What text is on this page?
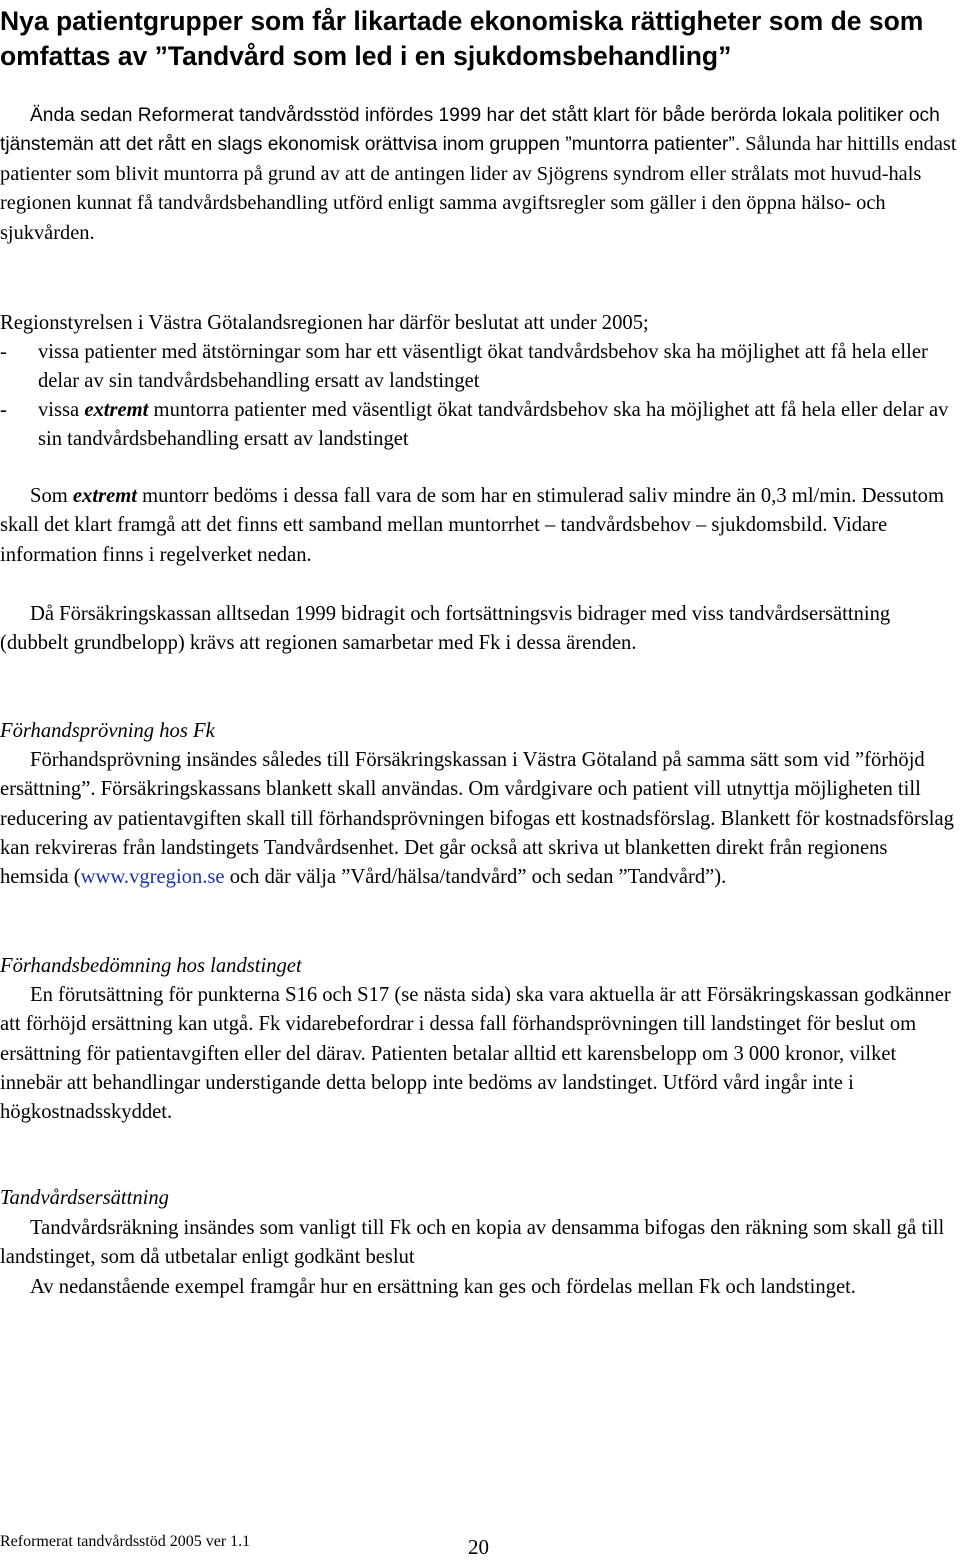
Nya patientgrupper som får likartade ekonomiska rättigheter som de som omfattas av ”Tandvård som led i en sjukdomsbehandling”

Ända sedan Reformerat tandvårdsstöd infördes 1999 har det stått klart för både berörda lokala politiker och tjänstemän att det rått en slags ekonomisk orättvisa inom gruppen ”muntorra patienter”. Sålunda har hittills endast patienter som blivit muntorra på grund av att de antingen lider av Sjögrens syndrom eller strålats mot huvud-hals regionen kunnat få tandvårdsbehandling utförd enligt samma avgiftsregler som gäller i den öppna hälso- och sjukvården.

Regionstyrelsen i Västra Götalandsregionen har därför beslutat att under 2005;

-	vissa patienter med ätstörningar som har ett väsentligt ökat tandvårdsbehov ska ha möjlighet att få hela eller delar av sin tandvårdsbehandling ersatt av landstinget
-	vissa extremt muntorra patienter med väsentligt ökat tandvårdsbehov ska ha möjlighet att få hela eller delar av sin tandvårdsbehandling ersatt av landstinget

Som extremt muntorr bedöms i dessa fall vara de som har en stimulerad saliv mindre än 0,3 ml/min. Dessutom skall det klart framgå att det finns ett samband mellan muntorrhet – tandvårdsbehov – sjukdomsbild. Vidare information finns i regelverket nedan.

Då Försäkringskassan alltsedan 1999 bidragit och fortsättningsvis bidrager med viss tandvårdsersättning (dubbelt grundbelopp) krävs att regionen samarbetar med Fk i dessa ärenden.

Förhandsprövning hos Fk

Förhandsprövning insändes således till Försäkringskassan i Västra Götaland på samma sätt som vid ”förhöjd ersättning”. Försäkringskassans blankett skall användas. Om vårdgivare och patient vill utnyttja möjligheten till reducering av patientavgiften skall till förhandsprövningen bifogas ett kostnadsförslag. Blankett för kostnadsförslag kan rekvireras från landstingets Tandvårdsenhet. Det går också att skriva ut blanketten direkt från regionens hemsida (www.vgregion.se och där välja ”Vård/hälsa/tandvård” och sedan ”Tandvård”).

Förhandsbedömning hos landstinget

En förutsättning för punkterna S16 och S17 (se nästa sida) ska vara aktuella är att Försäkringskassan godkänner att förhöjd ersättning kan utgå. Fk vidarebefordrar i dessa fall förhandsprövningen till landstinget för beslut om ersättning för patientavgiften eller del därav. Patienten betalar alltid ett karensbelopp om 3 000 kronor, vilket innebär att behandlingar understigande detta belopp inte bedöms av landstinget. Utförd vård ingår inte i högkostnadsskyddet.

Tandvårdsersättning

Tandvårdsräkning insändes som vanligt till Fk och en kopia av densamma bifogas den räkning som skall gå till landstinget, som då utbetalar enligt godkänt beslut

Av nedanstående exempel framgår hur en ersättning kan ges och fördelas mellan Fk och landstinget.

Reformerat tandvårdsstöd 2005 ver 1.1	20
